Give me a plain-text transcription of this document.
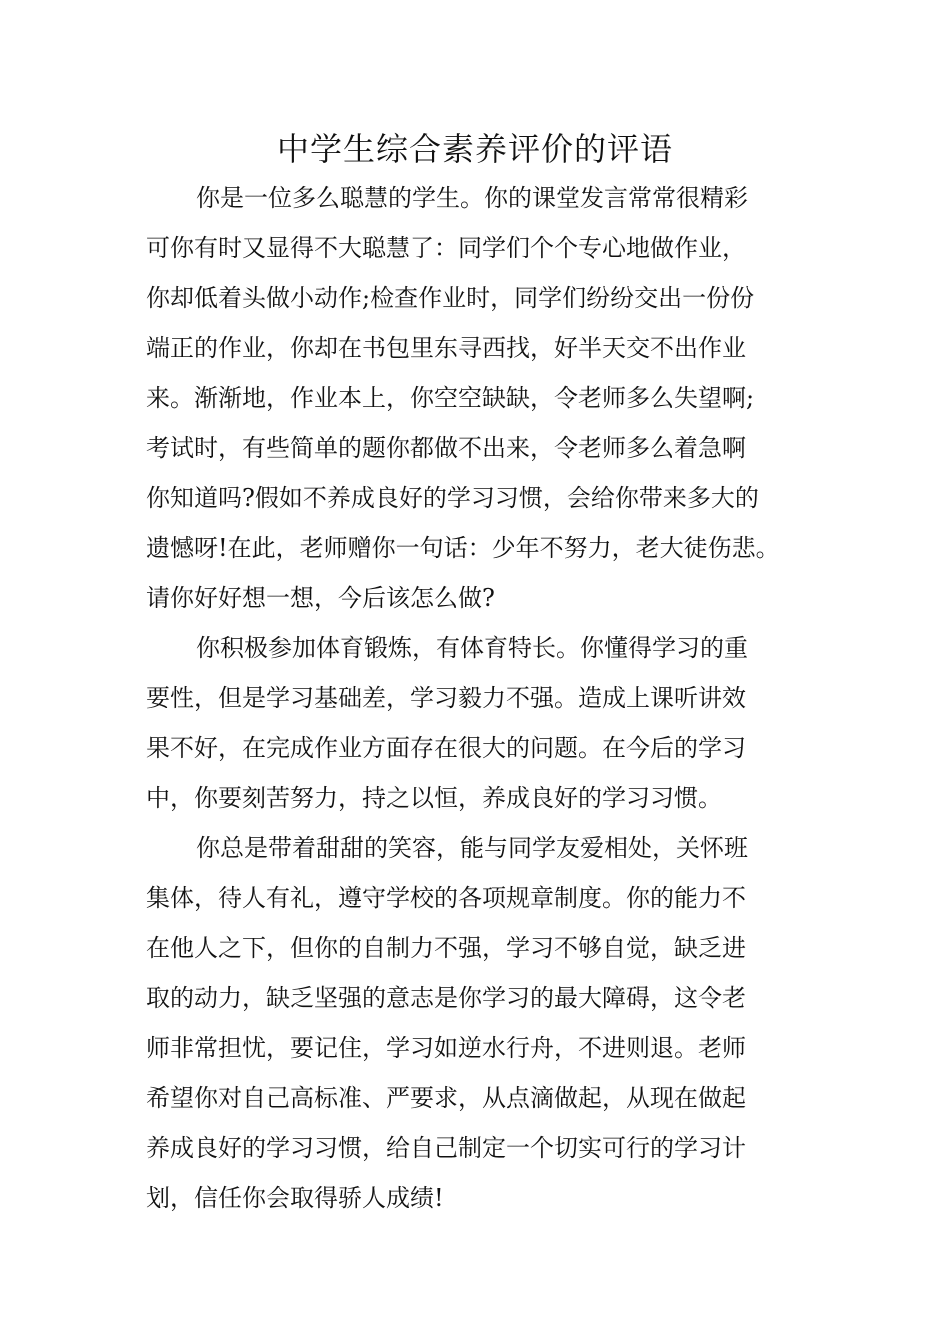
中学生综合素养评价的评语

你是一位多么聪慧的学生。你的课堂发言常常很精彩

可你有时又显得不大聪慧了：同学们个个专心地做作业，

你却低着头做小动作;检查作业时，同学们纷纷交出一份份

端正的作业，你却在书包里东寻西找，好半天交不出作业

来。渐渐地，作业本上，你空空缺缺，令老师多么失望啊;

考试时，有些简单的题你都做不出来，令老师多么着急啊

你知道吗?假如不养成良好的学习习惯，会给你带来多大的

遗憾呀!在此，老师赠你一句话：少年不努力，老大徒伤悲。

请你好好想一想，今后该怎么做?

你积极参加体育锻炼，有体育特长。你懂得学习的重

要性，但是学习基础差，学习毅力不强。造成上课听讲效

果不好，在完成作业方面存在很大的问题。在今后的学习

中，你要刻苦努力，持之以恒，养成良好的学习习惯。

你总是带着甜甜的笑容，能与同学友爱相处，关怀班

集体，待人有礼，遵守学校的各项规章制度。你的能力不

在他人之下，但你的自制力不强，学习不够自觉，缺乏进

取的动力，缺乏坚强的意志是你学习的最大障碍，这令老

师非常担忧，要记住，学习如逆水行舟，不进则退。老师

希望你对自己高标准、严要求，从点滴做起，从现在做起

养成良好的学习习惯，给自己制定一个切实可行的学习计

划，信任你会取得骄人成绩!
